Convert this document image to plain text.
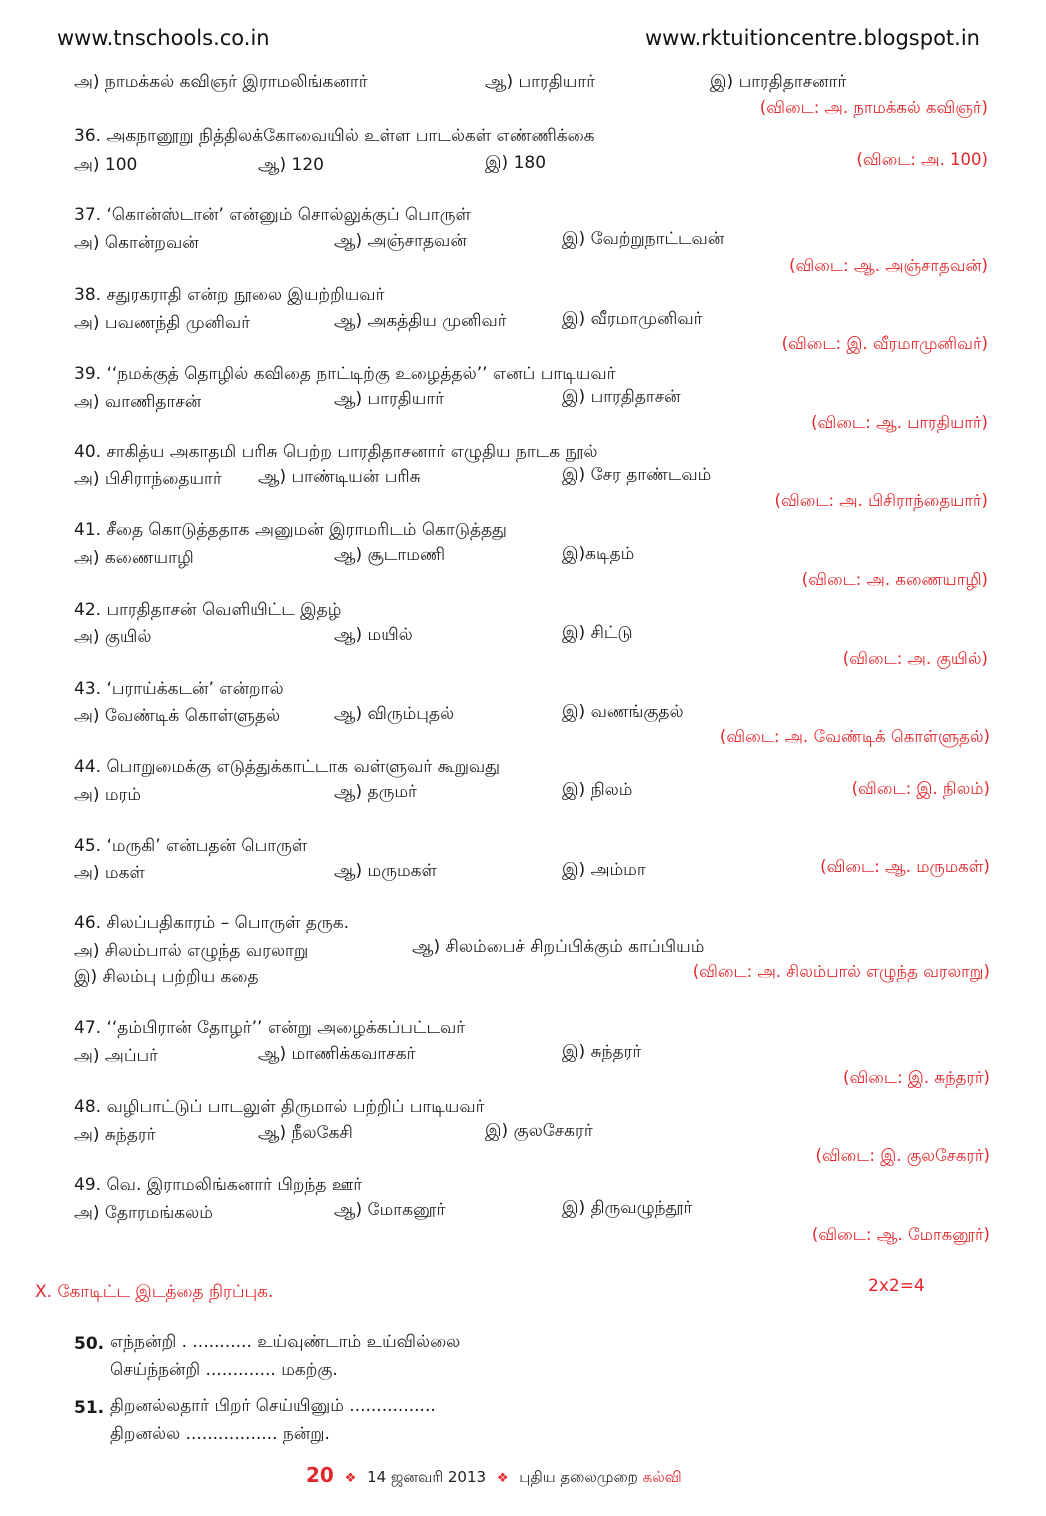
www.tnschools.co.in	www.rktuitioncentre.blogspot.in
அ) நாமக்கல் கவிஞர் இராமலிங்கனார்	ஆ) பாரதியார்	இ) பாரதிதாசனார்
(விடை: அ. நாமக்கல் கவிஞர்)
36. அகநானூறு நித்திலக்கோவையில் உள்ள பாடல்கள் எண்ணிக்கை
அ) 100	ஆ) 120	இ) 180	(விடை: அ. 100)
37. ‘கொன்ஸ்டான்’ என்னும் சொல்லுக்குப் பொருள்
அ) கொன்றவன்	ஆ) அஞ்சாதவன்	இ) வேற்றுநாட்டவன்
(விடை: ஆ. அஞ்சாதவன்)
38. சதுரகராதி என்ற நூலை இயற்றியவர்
அ) பவணந்தி முனிவர்	ஆ) அகத்திய முனிவர்	இ) வீரமாமுனிவர்
(விடை: இ. வீரமாமுனிவர்)
39. ‘‘நமக்குத் தொழில் கவிதை நாட்டிற்கு உழைத்தல்’’ எனப் பாடியவர்
அ) வாணிதாசன்	ஆ) பாரதியார்	இ) பாரதிதாசன்
(விடை: ஆ. பாரதியார்)
40. சாகித்ய அகாதமி பரிசு பெற்ற பாரதிதாசனார் எழுதிய நாடக நூல்
அ) பிசிராந்தையார் ஆ) பாண்டியன் பரிசு	இ) சேர தாண்டவம்
(விடை: அ. பிசிராந்தையார்)
41. சீதை கொடுத்ததாக அனுமன் இராமரிடம் கொடுத்தது
அ) கணையாழி	ஆ) சூடாமணி	இ)கடிதம்
(விடை: அ. கணையாழி)
42. பாரதிதாசன் வெளியிட்ட இதழ்
அ) குயில்	ஆ) மயில்	இ) சிட்டு
(விடை: அ. குயில்)
43. ‘பராய்க்கடன்’ என்றால்
அ) வேண்டிக் கொள்ளுதல்	ஆ) விரும்புதல்	இ) வணங்குதல்
(விடை: அ. வேண்டிக் கொள்ளுதல்)
44. பொறுமைக்கு எடுத்துக்காட்டாக வள்ளுவர் கூறுவது
அ) மரம்	ஆ) தருமர்	இ) நிலம்	(விடை: இ. நிலம்)
45. ‘மருகி’ என்பதன் பொருள்
அ) மகள்	ஆ) மருமகள்	இ) அம்மா	(விடை: ஆ. மருமகள்)
46. சிலப்பதிகாரம் – பொருள் தருக.
அ) சிலம்பால் எழுந்த வரலாறு	ஆ) சிலம்பைச் சிறப்பிக்கும் காப்பியம்
இ) சிலம்பு பற்றிய கதை	(விடை: அ. சிலம்பால் எழுந்த வரலாறு)
47. ‘‘தம்பிரான் தோழர்’’ என்று அழைக்கப்பட்டவர்
அ) அப்பர்	ஆ) மாணிக்கவாசகர்	இ) சுந்தரர்
(விடை: இ. சுந்தரர்)
48. வழிபாட்டுப் பாடலுள் திருமால் பற்றிப் பாடியவர்
அ) சுந்தரர்	ஆ) நீலகேசி	இ) குலசேகரர்
(விடை: இ. குலசேகரர்)
49. வெ. இராமலிங்கனார் பிறந்த ஊர்
அ) தோரமங்கலம்	ஆ) மோகனூர்	இ) திருவழுந்தூர்
(விடை: ஆ. மோகனூர்)
X. கோடிட்ட இடத்தை நிரப்புக.	2x2=4
50. எந்நன்றி . ........... உய்வுண்டாம் உய்வில்லை
செய்ந்நன்றி ............. மகற்கு.
51. திறனல்லதார் பிறர் செய்யினும் ................
திறனல்ல ................. நன்று.
20 ❖ 14 ஜனவரி 2013 ❖ புதிய தலைமுறை கல்வி
